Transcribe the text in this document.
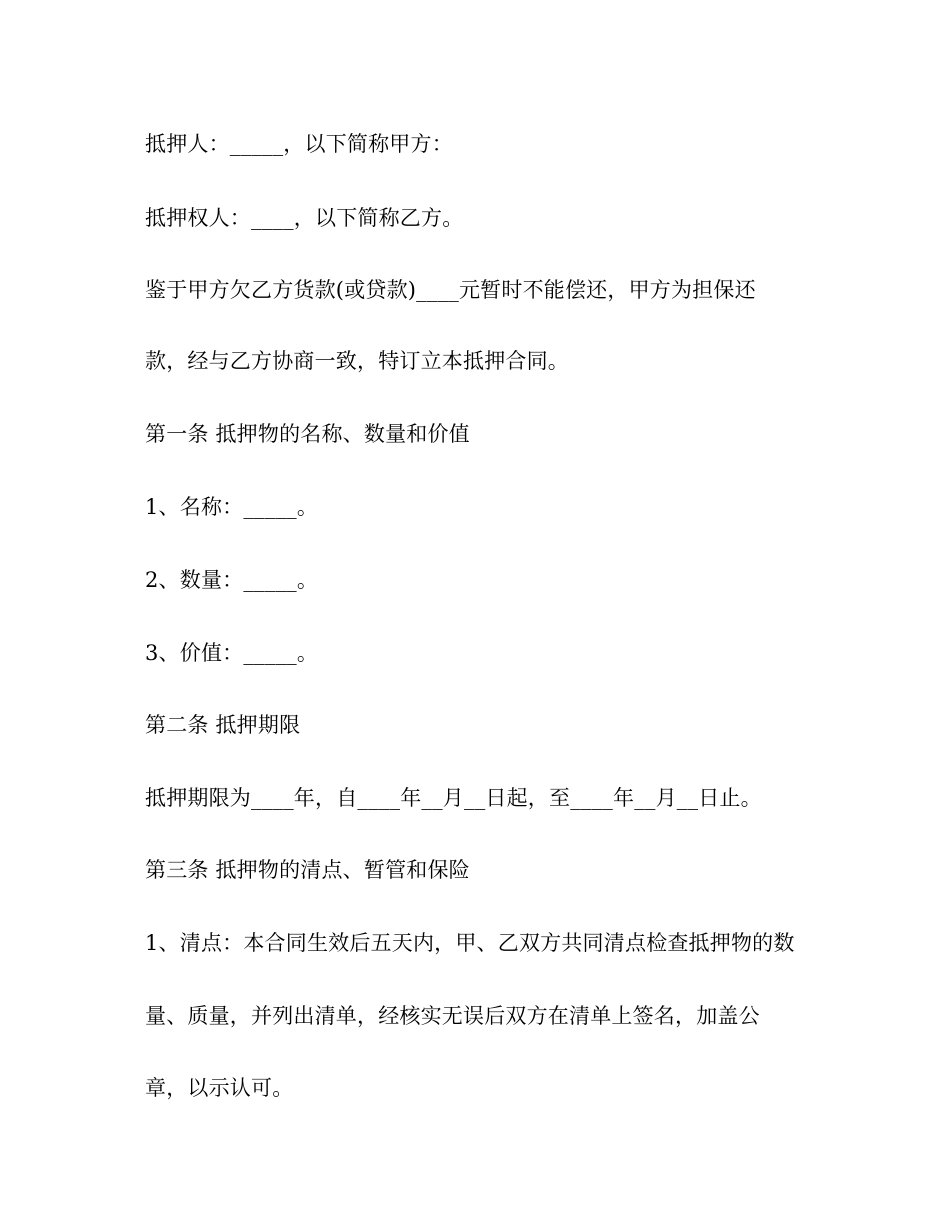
抵押人：_____，以下简称甲方：
抵押权人：____，以下简称乙方。
鉴于甲方欠乙方货款(或贷款)____元暂时不能偿还，甲方为担保还
款，经与乙方协商一致，特订立本抵押合同。
第一条 抵押物的名称、数量和价值
1、名称：_____。
2、数量：_____。
3、价值：_____。
第二条 抵押期限
抵押期限为____年，自____年__月__日起，至____年__月__日止。
第三条 抵押物的清点、暂管和保险
1、清点：本合同生效后五天内，甲、乙双方共同清点检查抵押物的数
量、质量，并列出清单，经核实无误后双方在清单上签名，加盖公
章，以示认可。
